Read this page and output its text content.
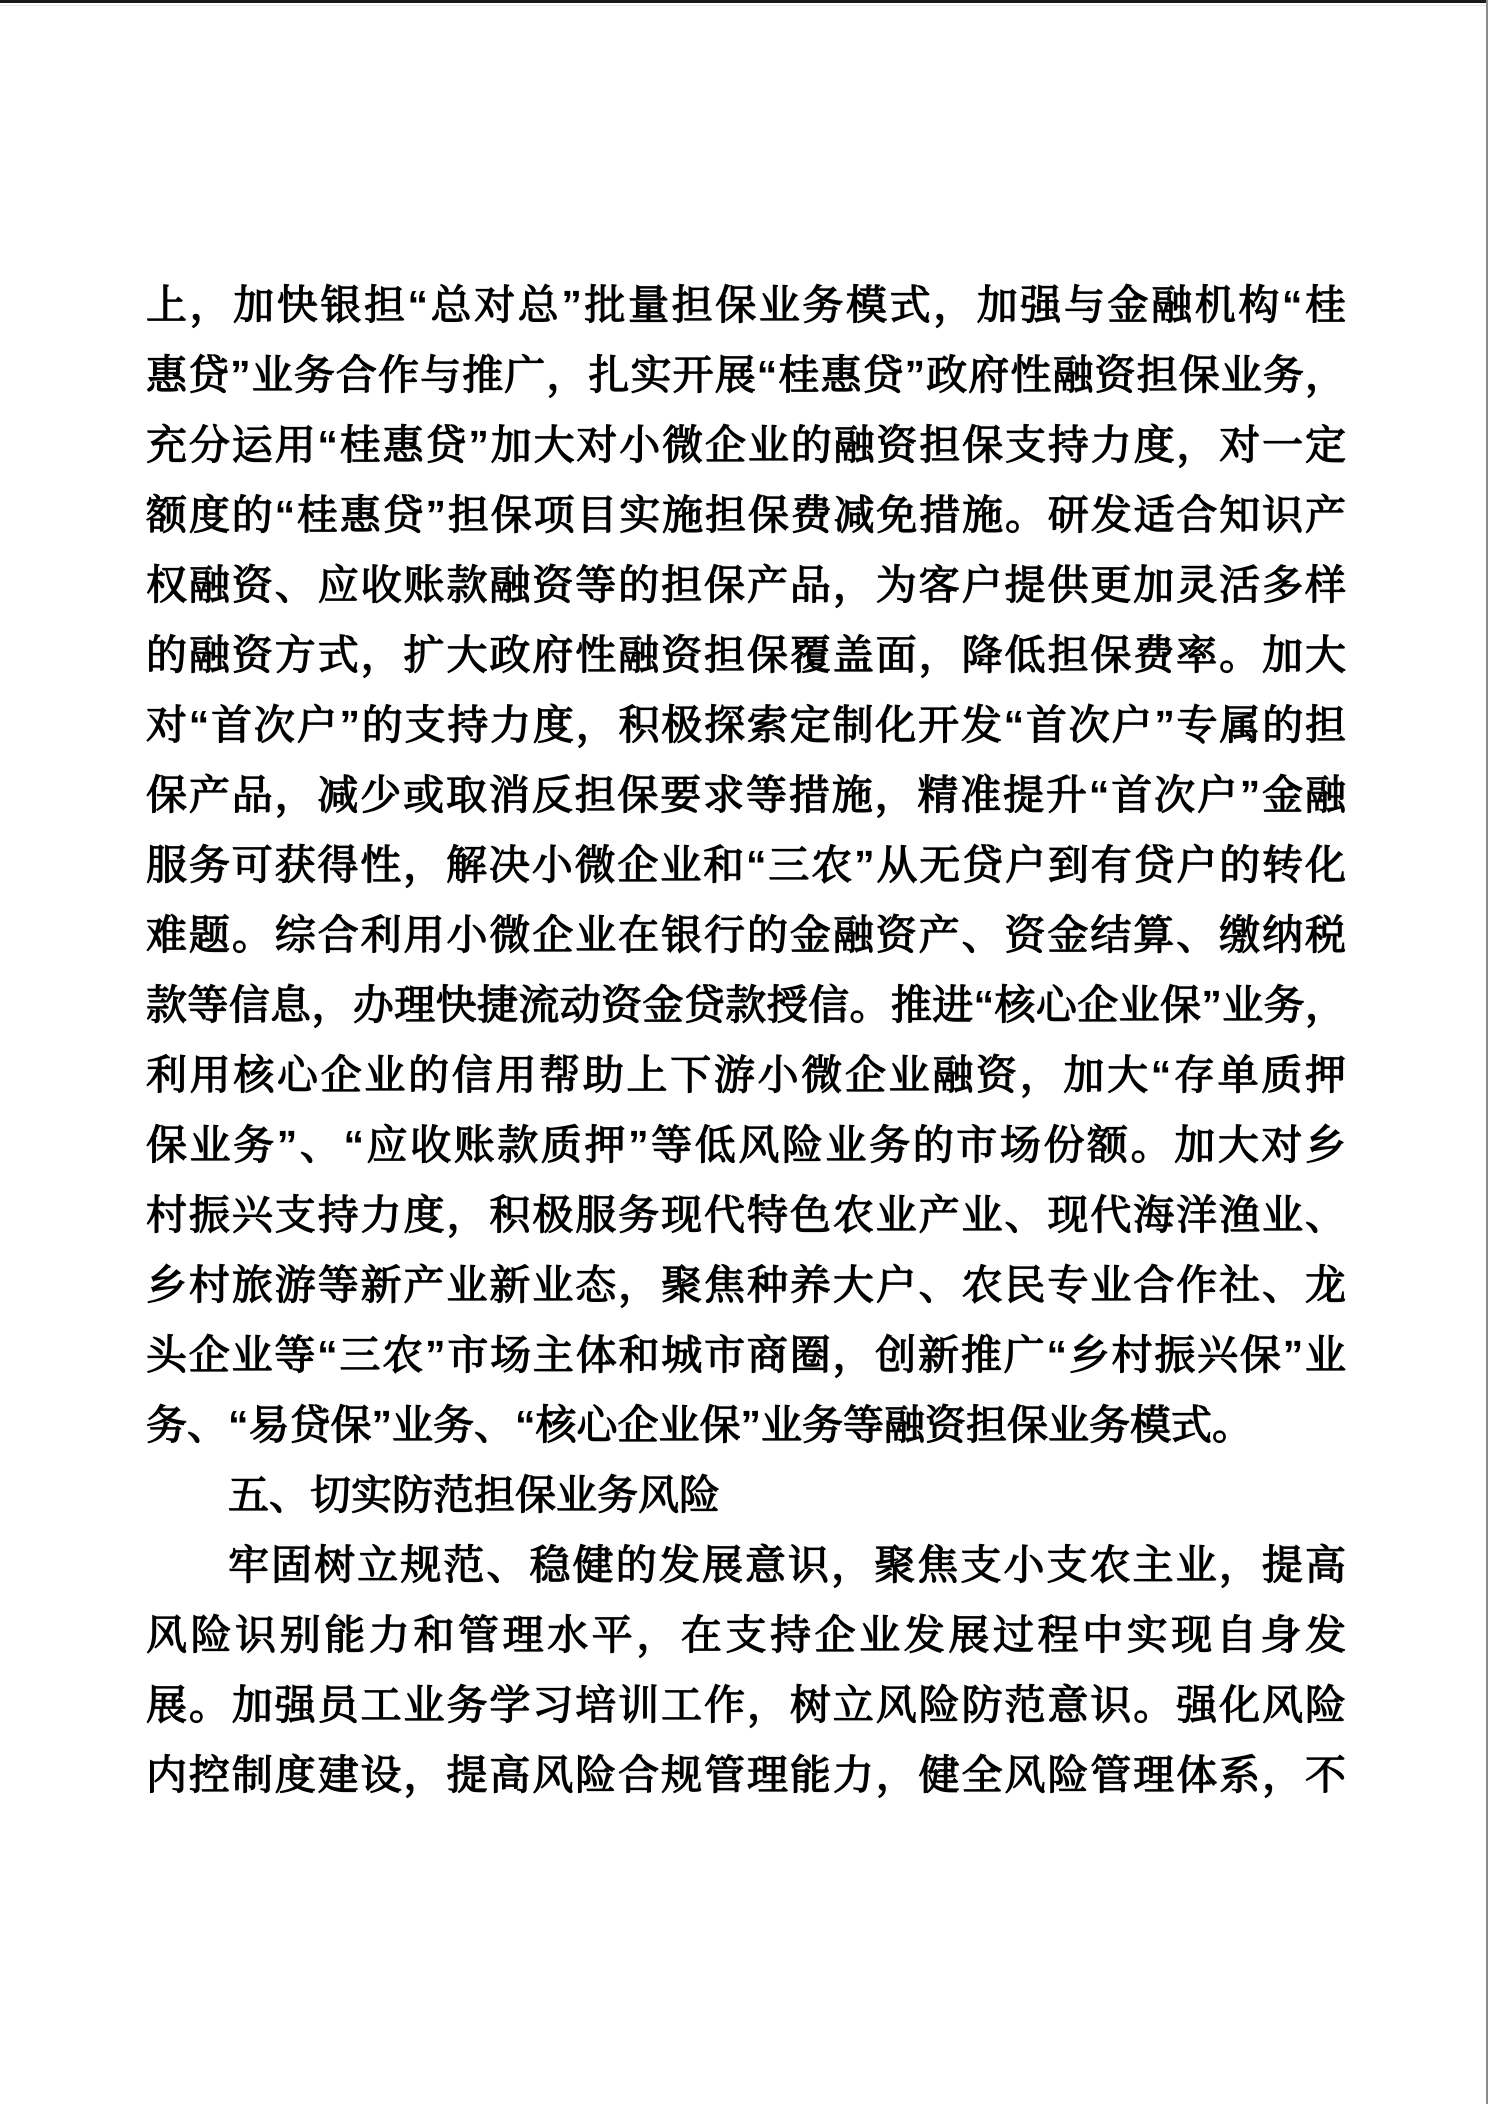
上，加快银担“总对总”批量担保业务模式，加强与金融机构“桂
惠贷”业务合作与推广，扎实开展“桂惠贷”政府性融资担保业务，
充分运用“桂惠贷”加大对小微企业的融资担保支持力度，对一定
额度的“桂惠贷”担保项目实施担保费减免措施。研发适合知识产
权融资、应收账款融资等的担保产品，为客户提供更加灵活多样
的融资方式，扩大政府性融资担保覆盖面，降低担保费率。加大
对“首次户”的支持力度，积极探索定制化开发“首次户”专属的担
保产品，减少或取消反担保要求等措施，精准提升“首次户”金融
服务可获得性，解决小微企业和“三农”从无贷户到有贷户的转化
难题。综合利用小微企业在银行的金融资产、资金结算、缴纳税
款等信息，办理快捷流动资金贷款授信。推进“核心企业保”业务，
利用核心企业的信用帮助上下游小微企业融资，加大“存单质押
保业务”、“应收账款质押”等低风险业务的市场份额。加大对乡
村振兴支持力度，积极服务现代特色农业产业、现代海洋渔业、
乡村旅游等新产业新业态，聚焦种养大户、农民专业合作社、龙
头企业等“三农”市场主体和城市商圈，创新推广“乡村振兴保”业
务、“易贷保”业务、“核心企业保”业务等融资担保业务模式。
五、切实防范担保业务风险
牢固树立规范、稳健的发展意识，聚焦支小支农主业，提高
风险识别能力和管理水平，在支持企业发展过程中实现自身发
展。加强员工业务学习培训工作，树立风险防范意识。强化风险
内控制度建设，提高风险合规管理能力，健全风险管理体系，不
